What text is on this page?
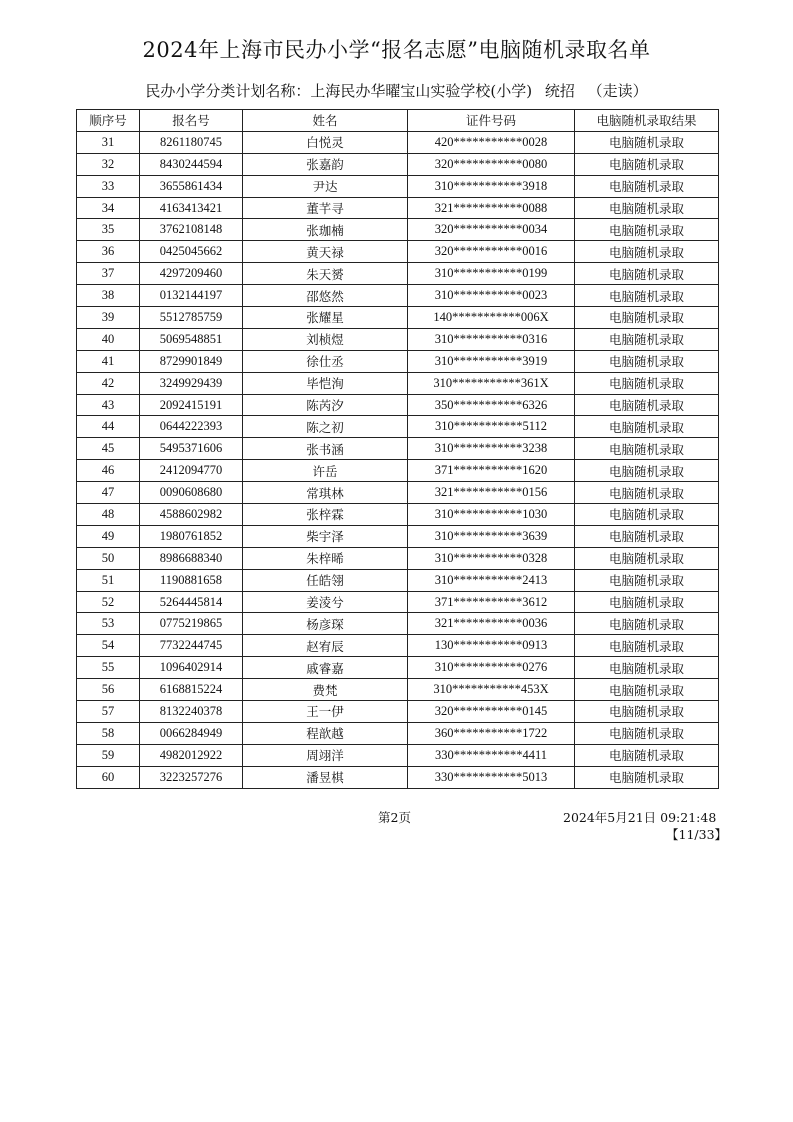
2024年上海市民办小学“报名志愿”电脑随机录取名单
民办小学分类计划名称：上海民办华曜宝山实验学校(小学) 统招 （走读）
顺序号	报名号	姓名	证件号码	电脑随机录取结果
31	8261180745	白悦灵	420***********0028	电脑随机录取
32	8430244594	张嘉韵	320***********0080	电脑随机录取
33	3655861434	尹达	310***********3918	电脑随机录取
34	4163413421	董芊寻	321***********0088	电脑随机录取
35	3762108148	张珈楠	320***********0034	电脑随机录取
36	0425045662	黄天禄	320***********0016	电脑随机录取
37	4297209460	朱天赟	310***********0199	电脑随机录取
38	0132144197	邵悠然	310***********0023	电脑随机录取
39	5512785759	张耀星	140***********006X	电脑随机录取
40	5069548851	刘桢煜	310***********0316	电脑随机录取
41	8729901849	徐仕丞	310***********3919	电脑随机录取
42	3249929439	毕恺洵	310***********361X	电脑随机录取
43	2092415191	陈芮汐	350***********6326	电脑随机录取
44	0644222393	陈之初	310***********5112	电脑随机录取
45	5495371606	张书涵	310***********3238	电脑随机录取
46	2412094770	许岳	371***********1620	电脑随机录取
47	0090608680	常琪林	321***********0156	电脑随机录取
48	4588602982	张梓霖	310***********1030	电脑随机录取
49	1980761852	柴宇泽	310***********3639	电脑随机录取
50	8986688340	朱梓晞	310***********0328	电脑随机录取
51	1190881658	任皓翎	310***********2413	电脑随机录取
52	5264445814	姜淩兮	371***********3612	电脑随机录取
53	0775219865	杨彦琛	321***********0036	电脑随机录取
54	7732244745	赵宥辰	130***********0913	电脑随机录取
55	1096402914	戚睿嘉	310***********0276	电脑随机录取
56	6168815224	费梵	310***********453X	电脑随机录取
57	8132240378	王一伊	320***********0145	电脑随机录取
58	0066284949	程歆越	360***********1722	电脑随机录取
59	4982012922	周翊洋	330***********4411	电脑随机录取
60	3223257276	潘昱棋	330***********5013	电脑随机录取
第2页	2024年5月21日 09:21:48
【11/33】
